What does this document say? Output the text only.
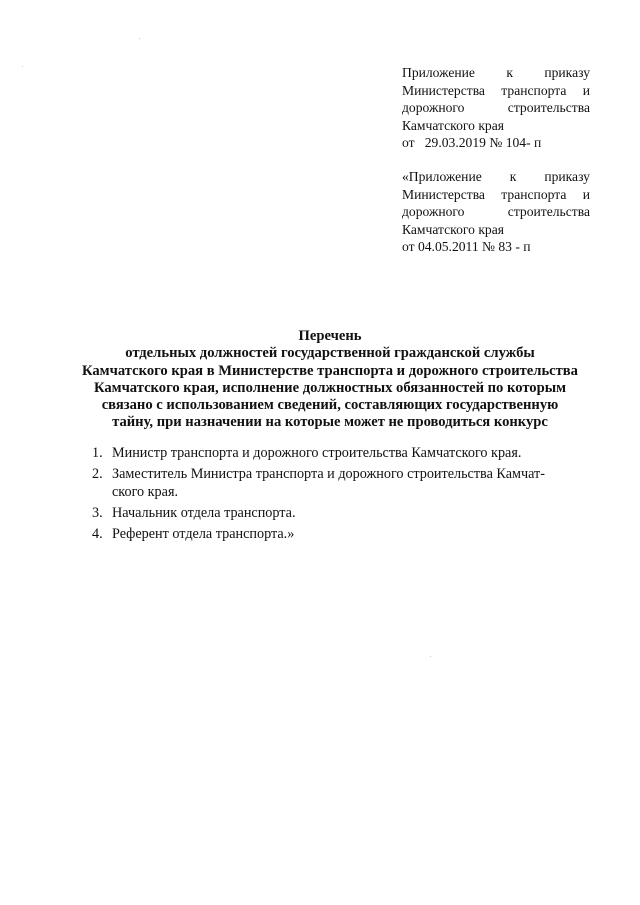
Приложение к приказу
Министерства транспорта и
дорожного	строительства
Камчатского края
от   29.03.2019 № 104- п
«Приложение к приказу
Министерства транспорта и
дорожного	строительства
Камчатского края
от 04.05.2011 № 83 - п
Перечень
отдельных должностей государственной гражданской службы
Камчатского края в Министерстве транспорта и дорожного строительства
Камчатского края, исполнение должностных обязанностей по которым
связано с использованием сведений, составляющих государственную
тайну, при назначении на которые может не проводиться конкурс
1. Министр транспорта и дорожного строительства Камчатского края.
2. Заместитель Министра транспорта и дорожного строительства Камчат-
ского края.
3. Начальник отдела транспорта.
4. Референт отдела транспорта.»
